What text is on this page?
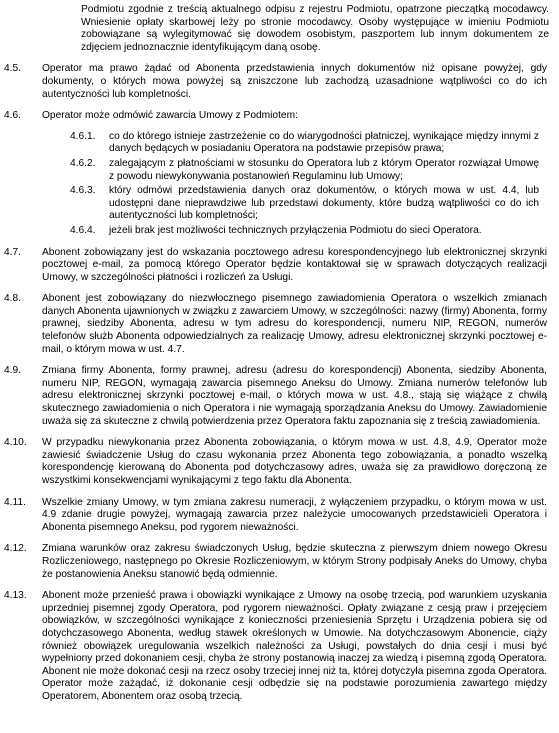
Podmiotu zgodnie z treścią aktualnego odpisu z rejestru Podmiotu, opatrzone pieczątką mocodawcy. Wniesienie opłaty skarbowej leży po stronie mocodawcy. Osoby występujące w imieniu Podmiotu zobowiązane są wylegitymować się dowodem osobistym, paszportem lub innym dokumentem ze zdjęciem jednoznacznie identyfikującym daną osobę.
4.5.	Operator ma prawo żądać od Abonenta przedstawienia innych dokumentów niż opisane powyżej, gdy dokumenty, o których mowa powyżej są zniszczone lub zachodzą uzasadnione wątpliwości co do ich autentyczności lub kompletności.
4.6.	Operator może odmówić zawarcia Umowy z Podmiotem:
4.6.1.	co do którego istnieje zastrzeżenie co do wiarygodności płatniczej, wynikające między innymi z danych będących w posiadaniu Operatora na podstawie przepisów prawa;
4.6.2.	zalegającym z płatnościami w stosunku do Operatora lub z którym Operator rozwiązał Umowę z powodu niewykonywania postanowień Regulaminu lub Umowy;
4.6.3.	który odmówi przedstawienia danych oraz dokumentów, o których mowa w ust. 4.4, lub udostępni dane nieprawdziwe lub przedstawi dokumenty, które budzą wątpliwości co do ich autentyczności lub kompletności;
4.6.4.	jeżeli brak jest możliwości technicznych przyłączenia Podmiotu do sieci Operatora.
4.7.	Abonent zobowiązany jest do wskazania pocztowego adresu korespondencyjnego lub elektronicznej skrzynki pocztowej e-mail, za pomocą którego Operator będzie kontaktował się w sprawach dotyczących realizacji Umowy, w szczególności płatności i rozliczeń za Usługi.
4.8.	Abonent jest zobowiązany do niezwłocznego pisemnego zawiadomienia Operatora o wszelkich zmianach danych Abonenta ujawnionych w związku z zawarciem Umowy, w szczególności: nazwy (firmy) Abonenta, formy prawnej, siedziby Abonenta, adresu w tym adresu do korespondencji, numeru NIP, REGON, numerów telefonów służb Abonenta odpowiedzialnych za realizację Umowy, adresu elektronicznej skrzynki pocztowej e-mail, o którym mowa w ust. 4.7.
4.9.	Zmiana firmy Abonenta, formy prawnej, adresu (adresu do korespondencji) Abonenta, siedziby Abonenta, numeru NIP, REGON, wymagają zawarcia pisemnego Aneksu do Umowy. Zmiana numerów telefonów lub adresu elektronicznej skrzynki pocztowej e-mail, o których mowa w ust. 4.8., stają się wiążące z chwilą skutecznego zawiadomienia o nich Operatora i nie wymagają sporządzania Aneksu do Umowy. Zawiadomienie uważa się za skuteczne z chwilą potwierdzenia przez Operatora faktu zapoznania się z treścią zawiadomienia.
4.10.	W przypadku niewykonania przez Abonenta zobowiązania, o którym mowa w ust. 4.8, 4.9, Operator może zawiesić świadczenie Usług do czasu wykonania przez Abonenta tego zobowiązania, a ponadto wszelką korespondencję kierowaną do Abonenta pod dotychczasowy adres, uważa się za prawidłowo doręczoną ze wszystkimi konsekwencjami wynikającymi z tego faktu dla Abonenta.
4.11.	Wszelkie zmiany Umowy, w tym zmiana zakresu numeracji, z wyłączeniem przypadku, o którym mowa w ust. 4.9 zdanie drugie powyżej, wymagają zawarcia przez należycie umocowanych przedstawicieli Operatora i Abonenta pisemnego Aneksu, pod rygorem nieważności.
4.12.	Zmiana warunków oraz zakresu świadczonych Usług, będzie skuteczna z pierwszym dniem nowego Okresu Rozliczeniowego, następnego po Okresie Rozliczeniowym, w którym Strony podpisały Aneks do Umowy, chyba że postanowienia Aneksu stanowić będą odmiennie.
4.13.	Abonent może przenieść prawa i obowiązki wynikające z Umowy na osobę trzecią, pod warunkiem uzyskania uprzedniej pisemnej zgody Operatora, pod rygorem nieważności. Opłaty związane z cesją praw i przejęciem obowiązków, w szczególności wynikające z konieczności przeniesienia Sprzętu i Urządzenia pobiera się od dotychczasowego Abonenta, według stawek określonych w Umowie. Na dotychczasowym Abonencie, ciąży również obowiązek uregulowania wszelkich należności za Usługi, powstałych do dnia cesji i musi być wypełniony przed dokonaniem cesji, chyba że strony postanowią inaczej za wiedzą i pisemną zgodą Operatora. Abonent nie może dokonać cesji na rzecz osoby trzeciej innej niż ta, której dotyczyła pisemna zgoda Operatora. Operator może zażądać, iż dokonanie cesji odbędzie się na podstawie porozumienia zawartego między Operatorem, Abonentem oraz osobą trzecią.
